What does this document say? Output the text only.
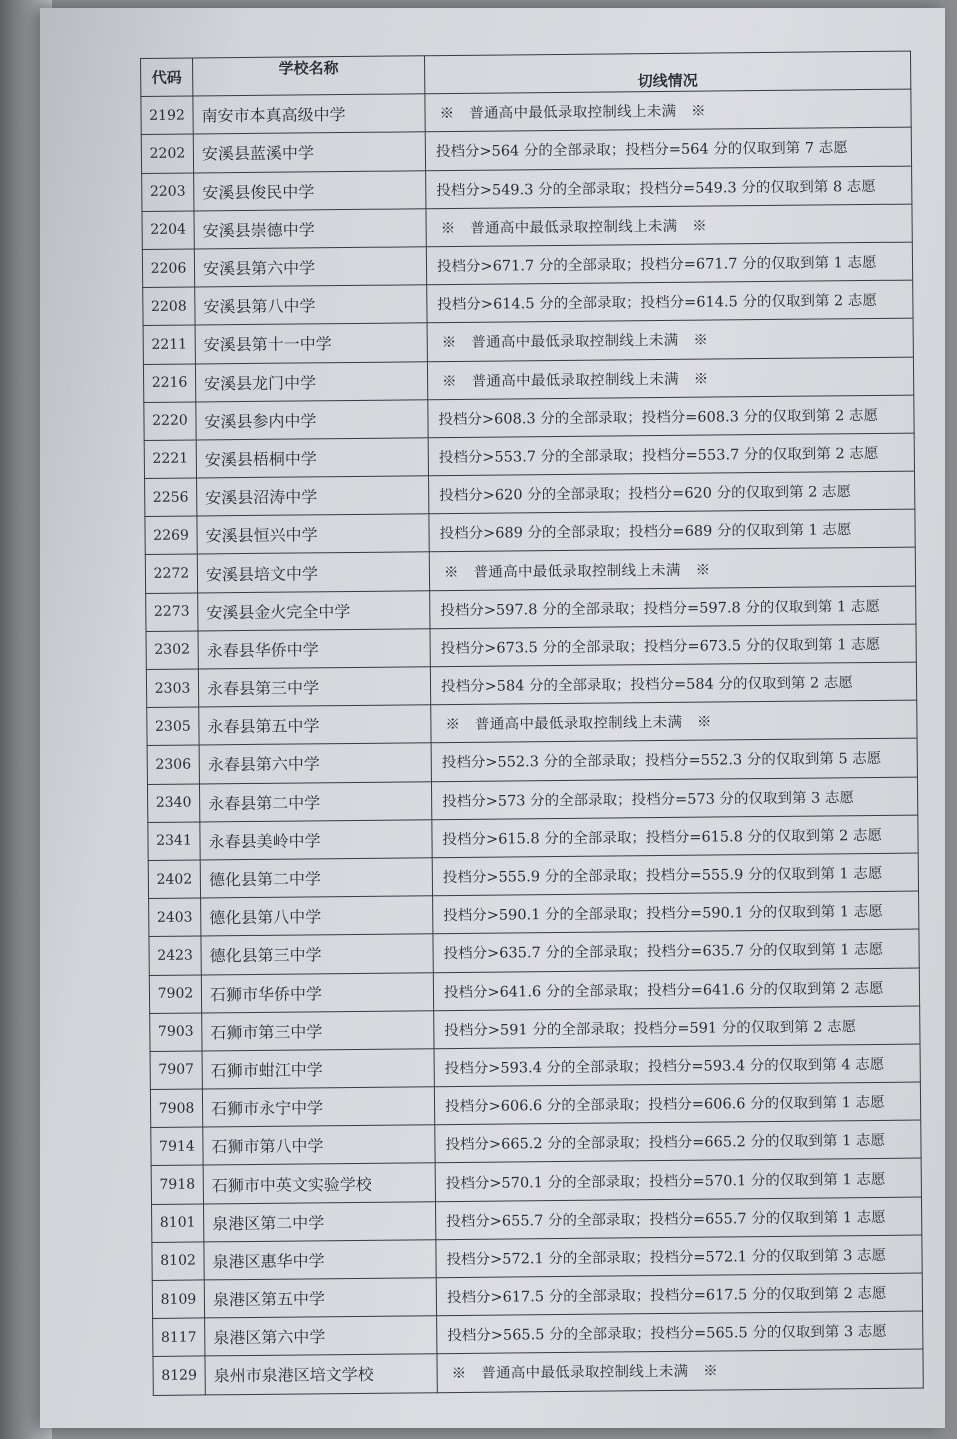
代码	学校名称	切线情况
2192	南安市本真高级中学	※　普通高中最低录取控制线上未满　※
2202	安溪县蓝溪中学	投档分>564 分的全部录取；投档分=564 分的仅取到第 7 志愿
2203	安溪县俊民中学	投档分>549.3 分的全部录取；投档分=549.3 分的仅取到第 8 志愿
2204	安溪县崇德中学	※　普通高中最低录取控制线上未满　※
2206	安溪县第六中学	投档分>671.7 分的全部录取；投档分=671.7 分的仅取到第 1 志愿
2208	安溪县第八中学	投档分>614.5 分的全部录取；投档分=614.5 分的仅取到第 2 志愿
2211	安溪县第十一中学	※　普通高中最低录取控制线上未满　※
2216	安溪县龙门中学	※　普通高中最低录取控制线上未满　※
2220	安溪县参内中学	投档分>608.3 分的全部录取；投档分=608.3 分的仅取到第 2 志愿
2221	安溪县梧桐中学	投档分>553.7 分的全部录取；投档分=553.7 分的仅取到第 2 志愿
2256	安溪县沼涛中学	投档分>620 分的全部录取；投档分=620 分的仅取到第 2 志愿
2269	安溪县恒兴中学	投档分>689 分的全部录取；投档分=689 分的仅取到第 1 志愿
2272	安溪县培文中学	※　普通高中最低录取控制线上未满　※
2273	安溪县金火完全中学	投档分>597.8 分的全部录取；投档分=597.8 分的仅取到第 1 志愿
2302	永春县华侨中学	投档分>673.5 分的全部录取；投档分=673.5 分的仅取到第 1 志愿
2303	永春县第三中学	投档分>584 分的全部录取；投档分=584 分的仅取到第 2 志愿
2305	永春县第五中学	※　普通高中最低录取控制线上未满　※
2306	永春县第六中学	投档分>552.3 分的全部录取；投档分=552.3 分的仅取到第 5 志愿
2340	永春县第二中学	投档分>573 分的全部录取；投档分=573 分的仅取到第 3 志愿
2341	永春县美岭中学	投档分>615.8 分的全部录取；投档分=615.8 分的仅取到第 2 志愿
2402	德化县第二中学	投档分>555.9 分的全部录取；投档分=555.9 分的仅取到第 1 志愿
2403	德化县第八中学	投档分>590.1 分的全部录取；投档分=590.1 分的仅取到第 1 志愿
2423	德化县第三中学	投档分>635.7 分的全部录取；投档分=635.7 分的仅取到第 1 志愿
7902	石狮市华侨中学	投档分>641.6 分的全部录取；投档分=641.6 分的仅取到第 2 志愿
7903	石狮市第三中学	投档分>591 分的全部录取；投档分=591 分的仅取到第 2 志愿
7907	石狮市蚶江中学	投档分>593.4 分的全部录取；投档分=593.4 分的仅取到第 4 志愿
7908	石狮市永宁中学	投档分>606.6 分的全部录取；投档分=606.6 分的仅取到第 1 志愿
7914	石狮市第八中学	投档分>665.2 分的全部录取；投档分=665.2 分的仅取到第 1 志愿
7918	石狮市中英文实验学校	投档分>570.1 分的全部录取；投档分=570.1 分的仅取到第 1 志愿
8101	泉港区第二中学	投档分>655.7 分的全部录取；投档分=655.7 分的仅取到第 1 志愿
8102	泉港区惠华中学	投档分>572.1 分的全部录取；投档分=572.1 分的仅取到第 3 志愿
8109	泉港区第五中学	投档分>617.5 分的全部录取；投档分=617.5 分的仅取到第 2 志愿
8117	泉港区第六中学	投档分>565.5 分的全部录取；投档分=565.5 分的仅取到第 3 志愿
8129	泉州市泉港区培文学校	※　普通高中最低录取控制线上未满　※
